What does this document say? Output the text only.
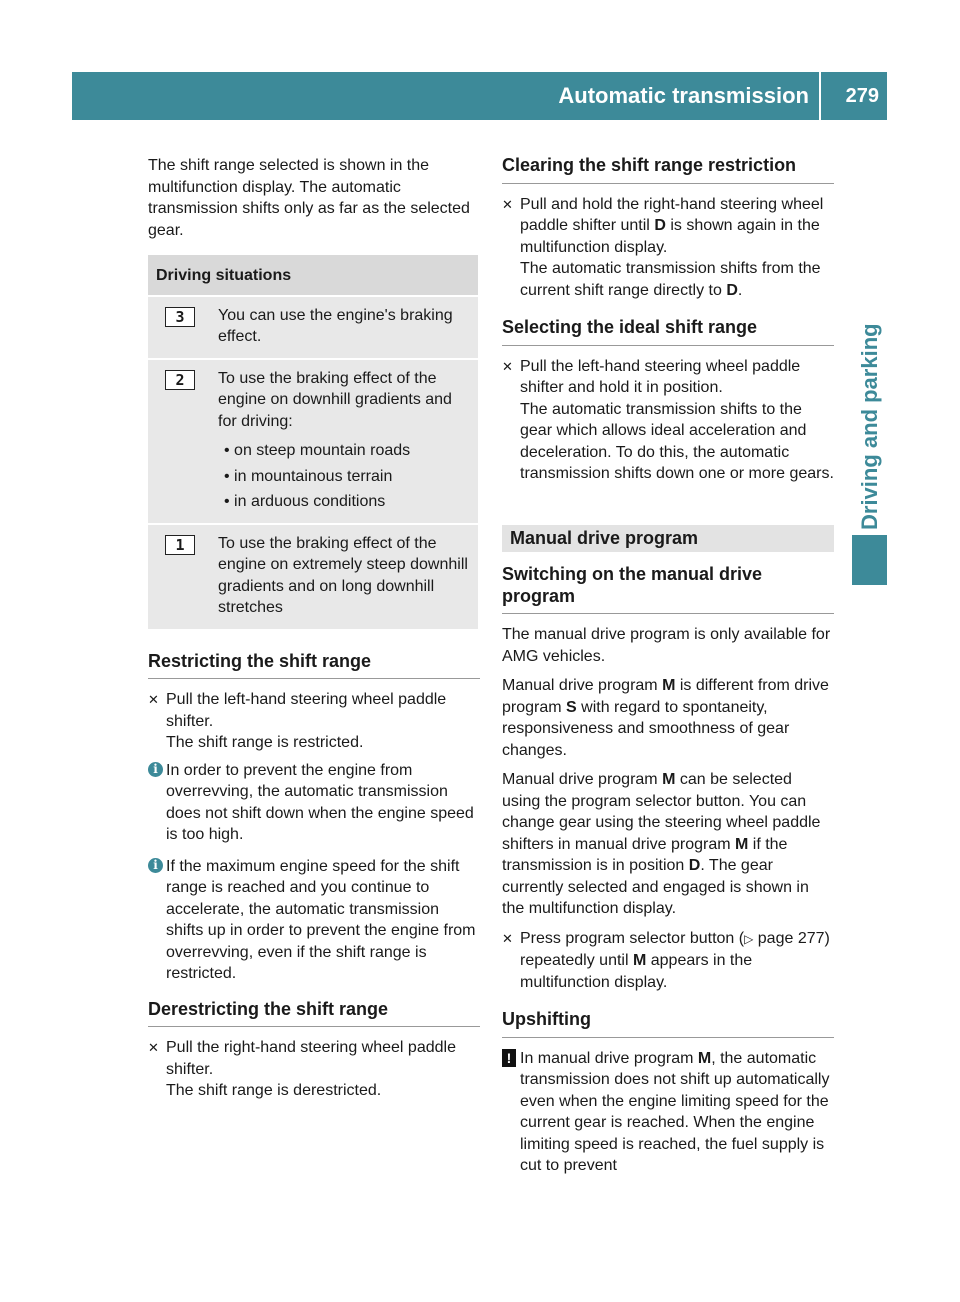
Automatic transmission	279
Driving and parking

The shift range selected is shown in the multifunction display. The automatic transmission shifts only as far as the selected gear.

Driving situations	
3	You can use the engine's braking effect.
2	To use the braking effect of the engine on downhill gradients and for driving:
• on steep mountain roads
• in mountainous terrain
• in arduous conditions

1	To use the braking effect of the engine on extremely steep downhill gradients and on long downhill stretches
Restricting the shift range
✕ Pull the left-hand steering wheel paddle shifter.
The shift range is restricted.
i In order to prevent the engine from overrevving, the automatic transmission does not shift down when the engine speed is too high.
i If the maximum engine speed for the shift range is reached and you continue to accelerate, the automatic transmission shifts up in order to prevent the engine from overrevving, even if the shift range is restricted.
Derestricting the shift range
✕ Pull the right-hand steering wheel paddle shifter.
The shift range is derestricted.
Clearing the shift range restriction
✕ Pull and hold the right-hand steering wheel paddle shifter until D is shown again in the multifunction display.
The automatic transmission shifts from the current shift range directly to D.
Selecting the ideal shift range
✕ Pull the left-hand steering wheel paddle shifter and hold it in position.
The automatic transmission shifts to the gear which allows ideal acceleration and deceleration. To do this, the automatic transmission shifts down one or more gears.
Manual drive program
Switching on the manual drive program

The manual drive program is only available for AMG vehicles.

Manual drive program M is different from drive program S with regard to spontaneity, responsiveness and smoothness of gear changes.

Manual drive program M can be selected using the program selector button. You can change gear using the steering wheel paddle shifters in manual drive program M if the transmission is in position D. The gear currently selected and engaged is shown in the multifunction display.

✕ Press program selector button (▷ page 277) repeatedly until M appears in the multifunction display.
Upshifting
! In manual drive program M, the automatic transmission does not shift up automatically even when the engine limiting speed for the current gear is reached. When the engine limiting speed is reached, the fuel supply is cut to prevent
